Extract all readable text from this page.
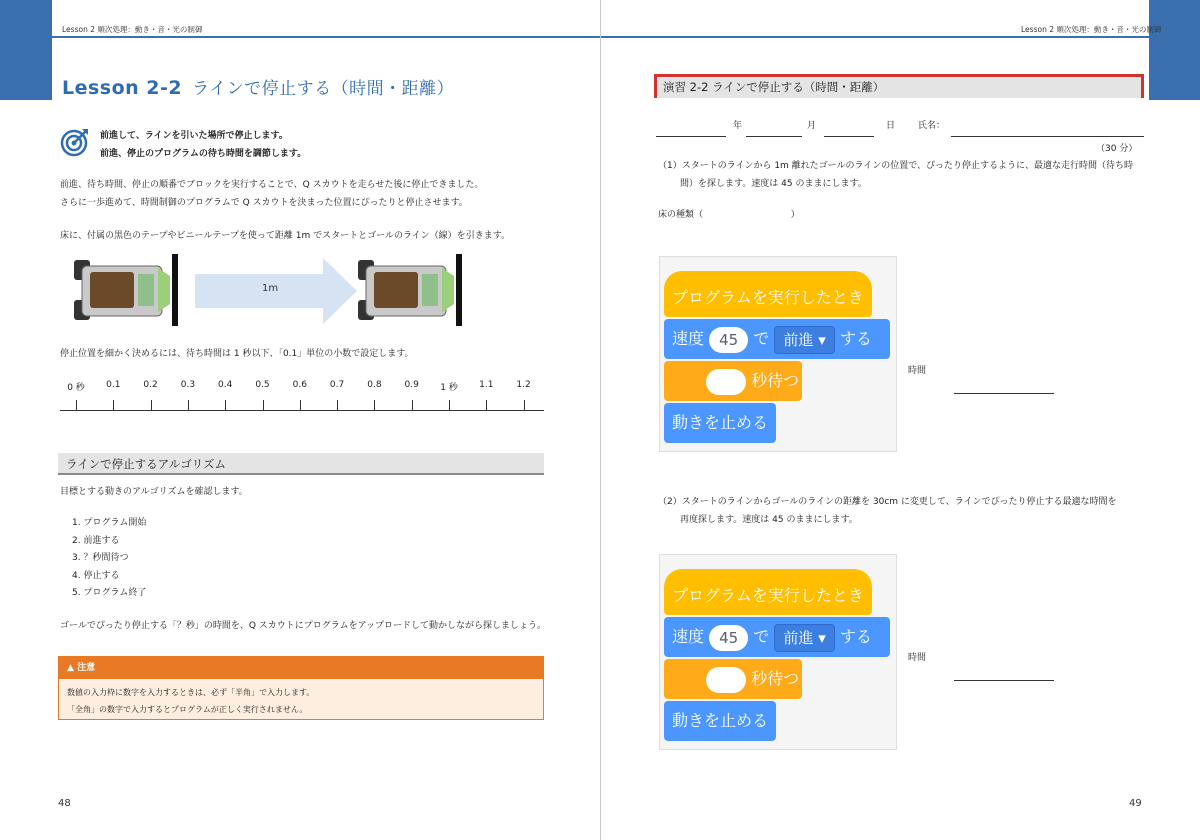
Lesson 2 順次処理：動き・音・光の制御
Lesson 2-2 ラインで停止する（時間・距離）
前進して、ラインを引いた場所で停止します。
前進、停止のプログラムの待ち時間を調節します。
前進、待ち時間、停止の順番でブロックを実行することで、Q スカウトを走らせた後に停止できました。
さらに一歩進めて、時間制御のプログラムで Q スカウトを決まった位置にぴったりと停止させます。
床に、付属の黒色のテープやビニールテープを使って距離 1m でスタートとゴールのライン（線）を引きます。
1m
停止位置を細かく決めるには、待ち時間は 1 秒以下、「0.1」単位の小数で設定します。
0 秒 0.1	0.2	0.3	0.4	0.5	0.6	0.7	0.8	0.9 1 秒 1.1	1.2
ラインで停止するアルゴリズム
目標とする動きのアルゴリズムを確認します。
1. プログラム開始
2. 前進する
3. ？秒間待つ
4. 停止する
5. プログラム終了
ゴールでぴったり停止する「？秒」の時間を、Q スカウトにプログラムをアップロードして動かしながら探しましょう。
▲ 注意
数値の入力枠に数字を入力するときは、必ず「半角」で入力します。
「全角」の数字で入力するとプログラムが正しく実行されません。
48
Lesson 2 順次処理：動き・音・光の制御
49
演習 2-2 ラインで停止する（時間・距離）
年	月	日	氏名：
（30 分）
（1）スタートのラインから 1m 離れたゴールのラインの位置で、ぴったり停止するように、最適な走行時間（待ち時
間）を探します。速度は 45 のままにします。
床の種類（	）
プログラムを実行したとき
速度 45 で 前進 ▾ する
秒待つ
動きを止める
時間
（2）スタートのラインからゴールのラインの距離を 30cm に変更して、ラインでぴったり停止する最適な時間を
再度探します。速度は 45 のままにします。
プログラムを実行したとき
速度 45 で 前進 ▾ する
秒待つ
動きを止める
時間
